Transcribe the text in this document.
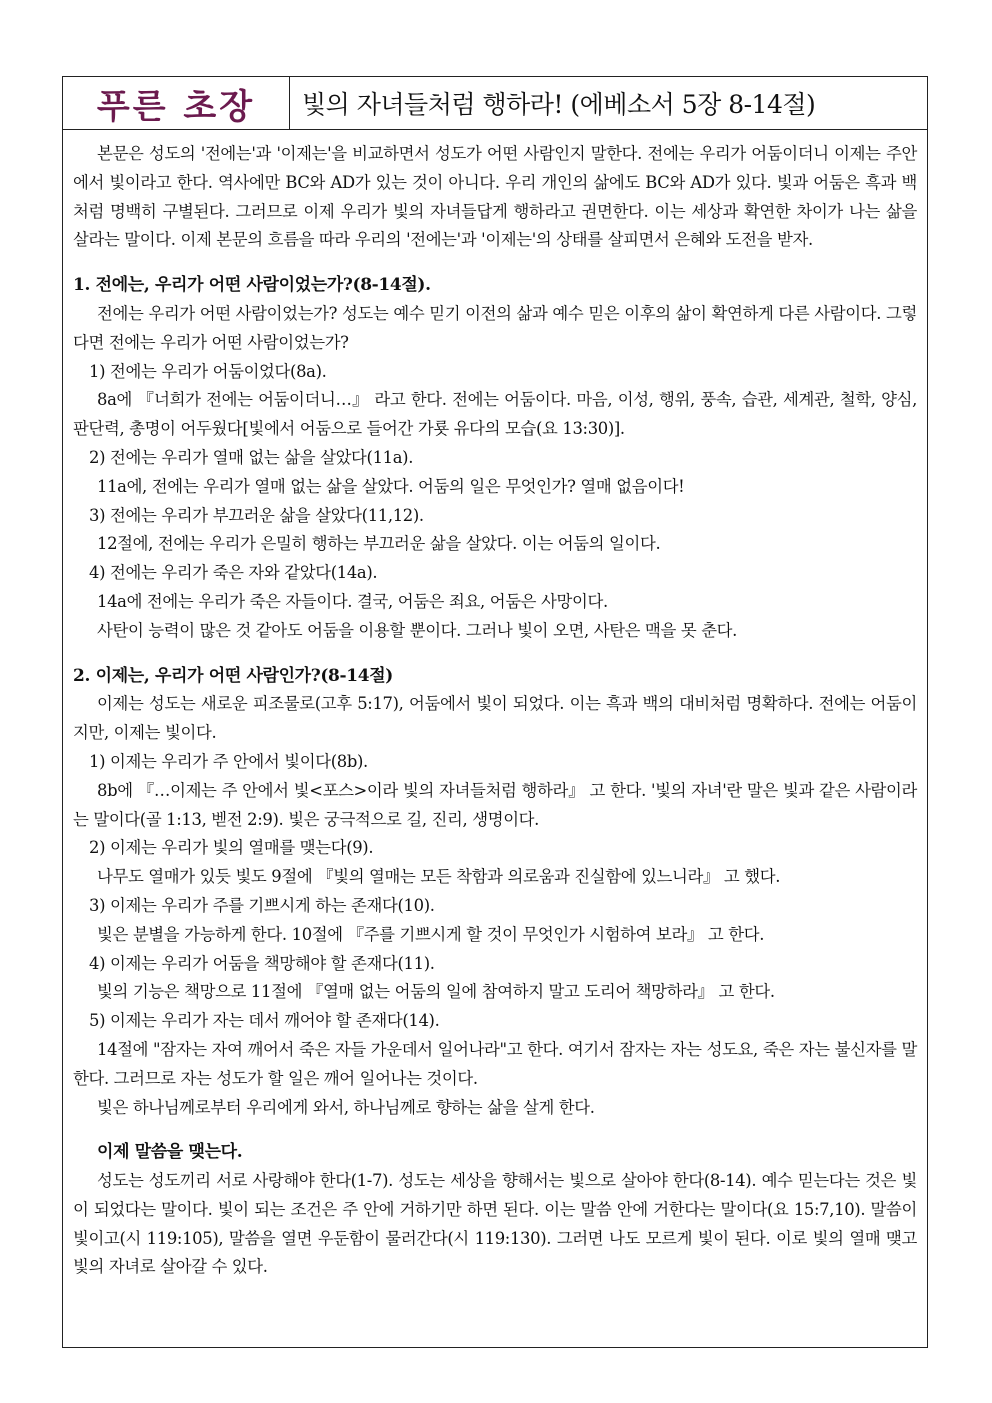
푸른 초장	빛의 자녀들처럼 행하라! (에베소서 5장 8-14절)

본문은 성도의 '전에는'과 '이제는'을 비교하면서 성도가 어떤 사람인지 말한다. 전에는 우리가 어둠이더니 이제는 주안에서 빛이라고 한다. 역사에만 BC와 AD가 있는 것이 아니다. 우리 개인의 삶에도 BC와 AD가 있다. 빛과 어둠은 흑과 백처럼 명백히 구별된다. 그러므로 이제 우리가 빛의 자녀들답게 행하라고 권면한다. 이는 세상과 확연한 차이가 나는 삶을 살라는 말이다. 이제 본문의 흐름을 따라 우리의 '전에는'과 '이제는'의 상태를 살피면서 은혜와 도전을 받자.

1. 전에는, 우리가 어떤 사람이었는가?(8-14절).

전에는 우리가 어떤 사람이었는가? 성도는 예수 믿기 이전의 삶과 예수 믿은 이후의 삶이 확연하게 다른 사람이다. 그렇다면 전에는 우리가 어떤 사람이었는가?

1) 전에는 우리가 어둠이었다(8a).

8a에 『너희가 전에는 어둠이더니…』 라고 한다. 전에는 어둠이다. 마음, 이성, 행위, 풍속, 습관, 세계관, 철학, 양심, 판단력, 총명이 어두웠다[빛에서 어둠으로 들어간 가룟 유다의 모습(요 13:30)].

2) 전에는 우리가 열매 없는 삶을 살았다(11a).

11a에, 전에는 우리가 열매 없는 삶을 살았다. 어둠의 일은 무엇인가? 열매 없음이다!

3) 전에는 우리가 부끄러운 삶을 살았다(11,12).

12절에, 전에는 우리가 은밀히 행하는 부끄러운 삶을 살았다. 이는 어둠의 일이다.

4) 전에는 우리가 죽은 자와 같았다(14a).

14a에 전에는 우리가 죽은 자들이다. 결국, 어둠은 죄요, 어둠은 사망이다.

사탄이 능력이 많은 것 같아도 어둠을 이용할 뿐이다. 그러나 빛이 오면, 사탄은 맥을 못 춘다.

2. 이제는, 우리가 어떤 사람인가?(8-14절)

이제는 성도는 새로운 피조물로(고후 5:17), 어둠에서 빛이 되었다. 이는 흑과 백의 대비처럼 명확하다. 전에는 어둠이지만, 이제는 빛이다.

1) 이제는 우리가 주 안에서 빛이다(8b).

8b에 『…이제는 주 안에서 빛<포스>이라 빛의 자녀들처럼 행하라』 고 한다. '빛의 자녀'란 말은 빛과 같은 사람이라는 말이다(골 1:13, 벧전 2:9). 빛은 궁극적으로 길, 진리, 생명이다.

2) 이제는 우리가 빛의 열매를 맺는다(9).

나무도 열매가 있듯 빛도 9절에 『빛의 열매는 모든 착함과 의로움과 진실함에 있느니라』 고 했다.

3) 이제는 우리가 주를 기쁘시게 하는 존재다(10).

빛은 분별을 가능하게 한다. 10절에 『주를 기쁘시게 할 것이 무엇인가 시험하여 보라』 고 한다.

4) 이제는 우리가 어둠을 책망해야 할 존재다(11).

빛의 기능은 책망으로 11절에 『열매 없는 어둠의 일에 참여하지 말고 도리어 책망하라』 고 한다.

5) 이제는 우리가 자는 데서 깨어야 할 존재다(14).

14절에 "잠자는 자여 깨어서 죽은 자들 가운데서 일어나라"고 한다. 여기서 잠자는 자는 성도요, 죽은 자는 불신자를 말한다. 그러므로 자는 성도가 할 일은 깨어 일어나는 것이다.

빛은 하나님께로부터 우리에게 와서, 하나님께로 향하는 삶을 살게 한다.

이제 말씀을 맺는다.

성도는 성도끼리 서로 사랑해야 한다(1-7). 성도는 세상을 향해서는 빛으로 살아야 한다(8-14). 예수 믿는다는 것은 빛이 되었다는 말이다. 빛이 되는 조건은 주 안에 거하기만 하면 된다. 이는 말씀 안에 거한다는 말이다(요 15:7,10). 말씀이 빛이고(시 119:105), 말씀을 열면 우둔함이 물러간다(시 119:130). 그러면 나도 모르게 빛이 된다. 이로 빛의 열매 맺고 빛의 자녀로 살아갈 수 있다.
